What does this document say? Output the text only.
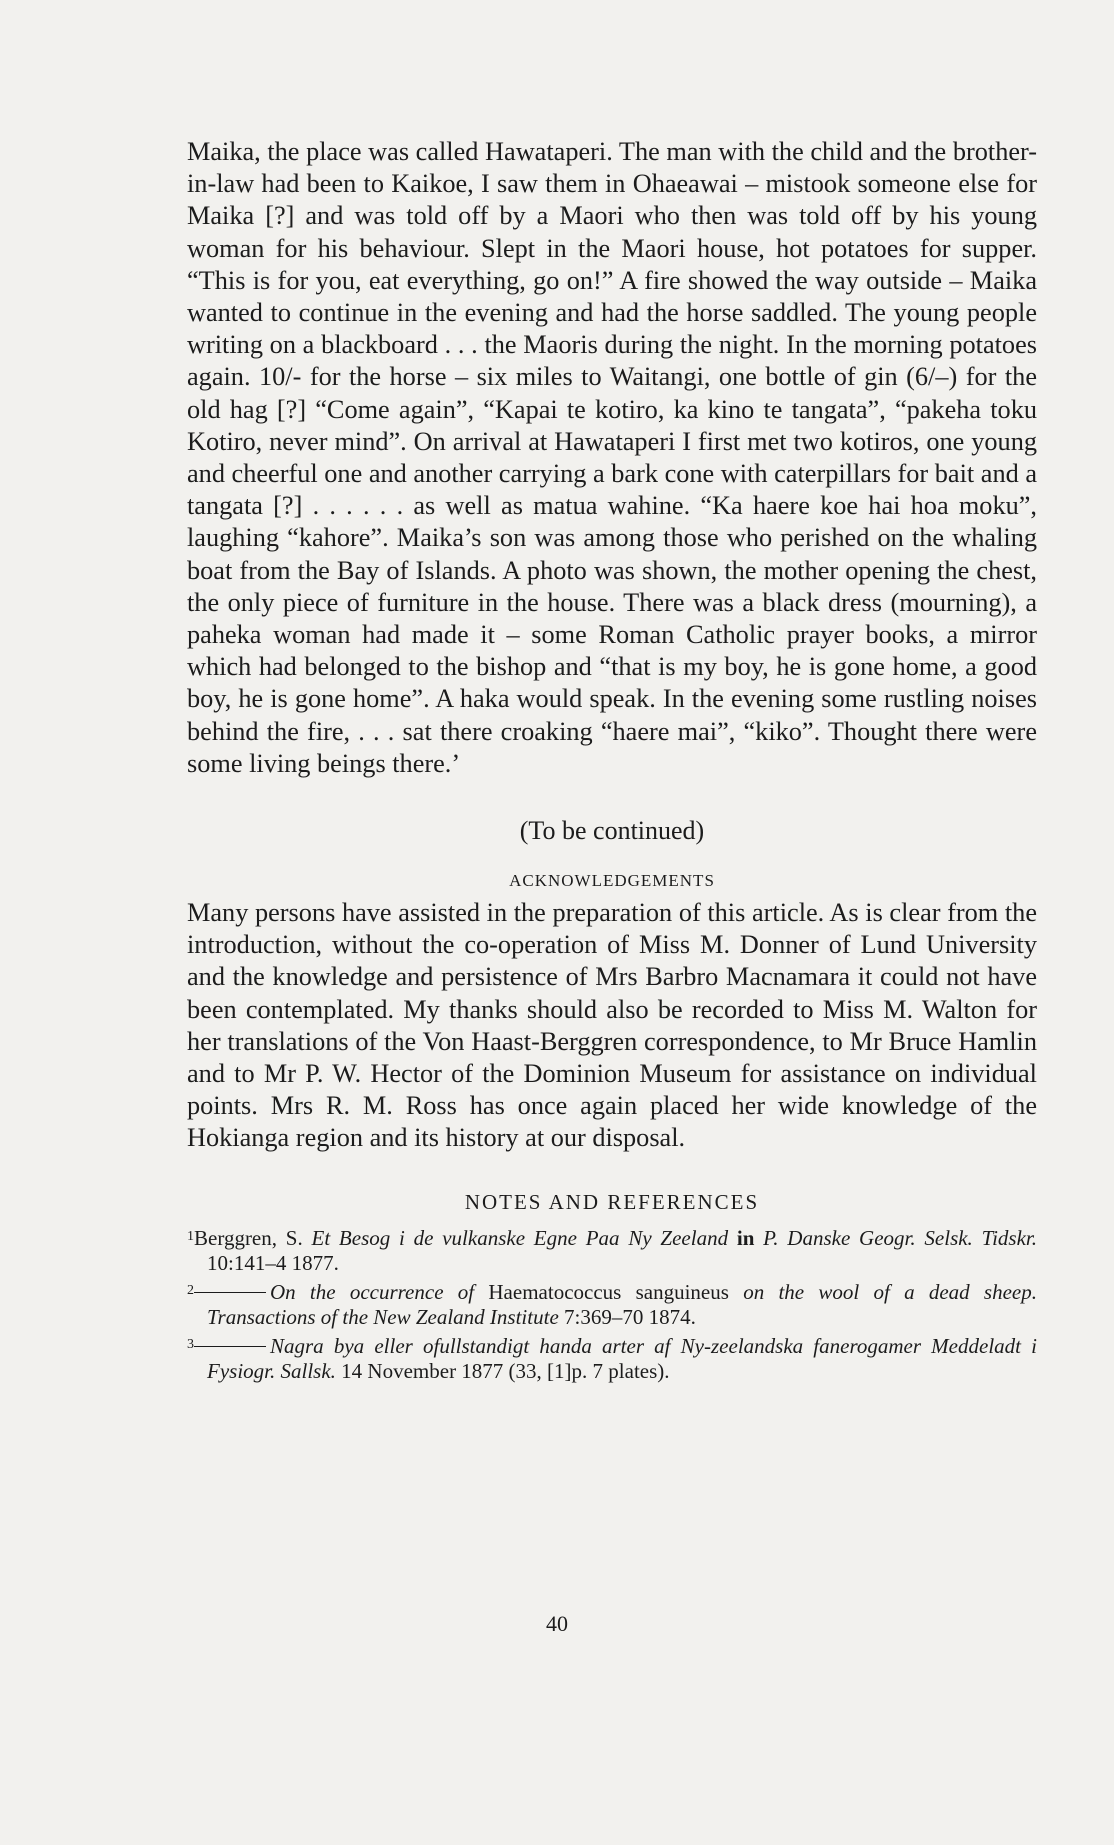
Maika, the place was called Hawataperi. The man with the child and the brother-in-law had been to Kaikoe, I saw them in Ohaeawai – mistook someone else for Maika [?] and was told off by a Maori who then was told off by his young woman for his behaviour. Slept in the Maori house, hot potatoes for supper. “This is for you, eat everything, go on!” A fire showed the way outside – Maika wanted to continue in the evening and had the horse saddled. The young people writing on a blackboard . . . the Maoris during the night. In the morning potatoes again. 10/- for the horse – six miles to Waitangi, one bottle of gin (6/–) for the old hag [?] “Come again”, “Kapai te kotiro, ka kino te tangata”, “pakeha toku Kotiro, never mind”. On arrival at Hawataperi I first met two kotiros, one young and cheerful one and another carrying a bark cone with caterpillars for bait and a tangata [?] . . . . . . as well as matua wahine. “Ka haere koe hai hoa moku”, laughing “kahore”. Maika’s son was among those who perished on the whaling boat from the Bay of Islands. A photo was shown, the mother opening the chest, the only piece of furniture in the house. There was a black dress (mourning), a paheka woman had made it – some Roman Catholic prayer books, a mirror which had belonged to the bishop and “that is my boy, he is gone home, a good boy, he is gone home”. A haka would speak. In the evening some rustling noises behind the fire, . . . sat there croaking “haere mai”, “kiko”. Thought there were some living beings there.’

(To be continued)
ACKNOWLEDGEMENTS

Many persons have assisted in the preparation of this article. As is clear from the introduction, without the co-operation of Miss M. Donner of Lund University and the knowledge and persistence of Mrs Barbro Macnamara it could not have been contemplated. My thanks should also be recorded to Miss M. Walton for her translations of the Von Haast-Berggren correspondence, to Mr Bruce Hamlin and to Mr P. W. Hector of the Dominion Museum for assistance on individual points. Mrs R. M. Ross has once again placed her wide knowledge of the Hokianga region and its history at our disposal.

NOTES AND REFERENCES

$^1$Berggren, S. Et Besog i de vulkanske Egne Paa Ny Zeeland in P. Danske Geogr. Selsk. Tidskr. 10:141–4 1877.

$^2$	On the occurrence of Haematococcus sanguineus on the wool of a dead sheep. Transactions of the New Zealand Institute 7:369–70 1874.

$^3$	Nagra bya eller ofullstandigt handa arter af Ny-zeelandska fanerogamer Meddeladt i Fysiogr. Sallsk. 14 November 1877 (33, [1]p. 7 plates).

40
